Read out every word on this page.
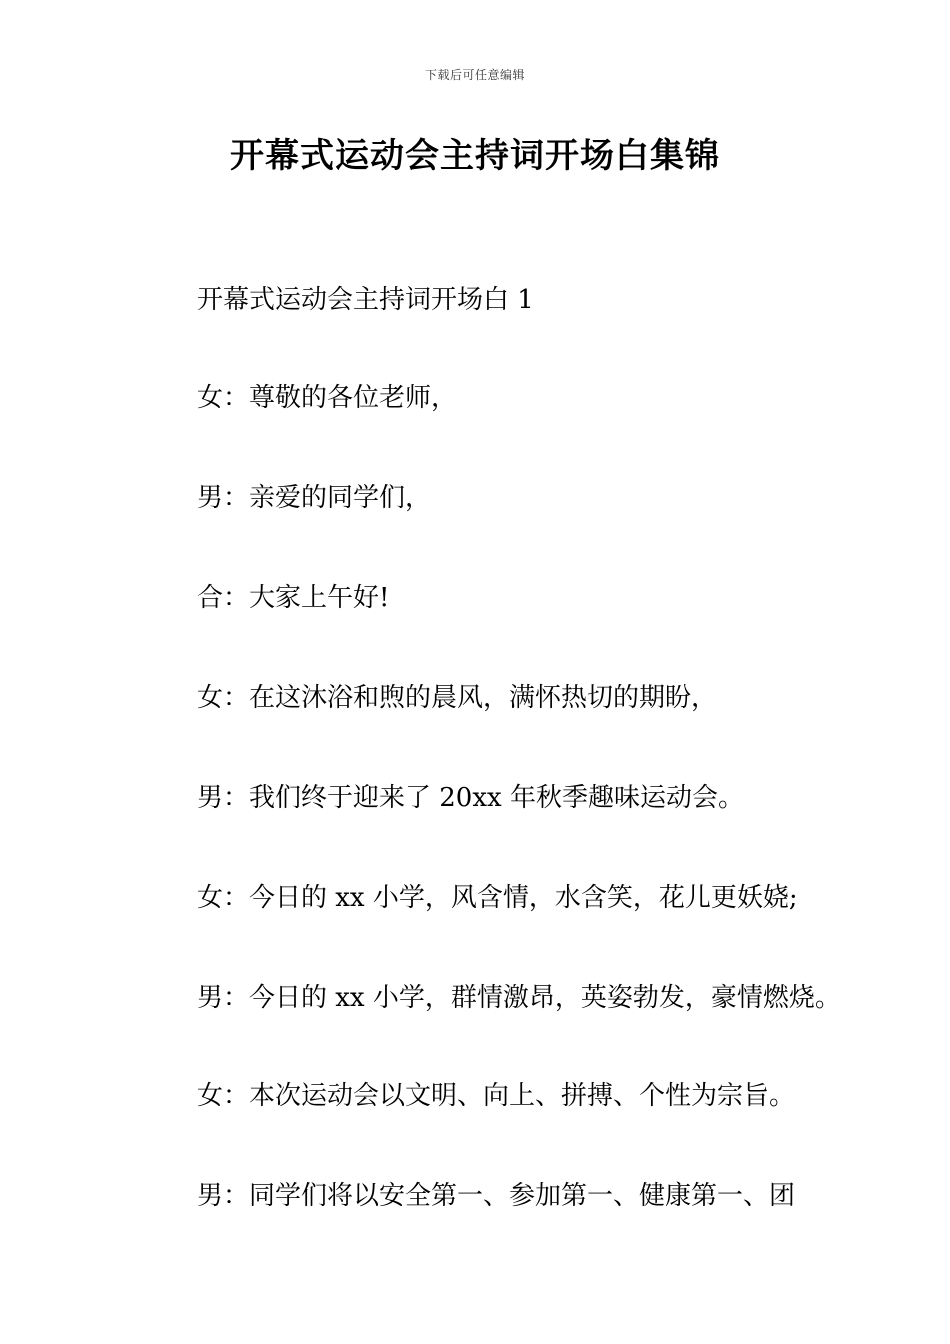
下载后可任意编辑
开幕式运动会主持词开场白集锦
开幕式运动会主持词开场白 1
女：尊敬的各位老师，
男：亲爱的同学们，
合：大家上午好!
女：在这沐浴和煦的晨风，满怀热切的期盼，
男：我们终于迎来了 20xx 年秋季趣味运动会。
女：今日的 xx 小学，风含情，水含笑，花儿更妖娆;
男：今日的 xx 小学，群情激昂，英姿勃发，豪情燃烧。
女：本次运动会以文明、向上、拼搏、个性为宗旨。
男：同学们将以安全第一、参加第一、健康第一、团
